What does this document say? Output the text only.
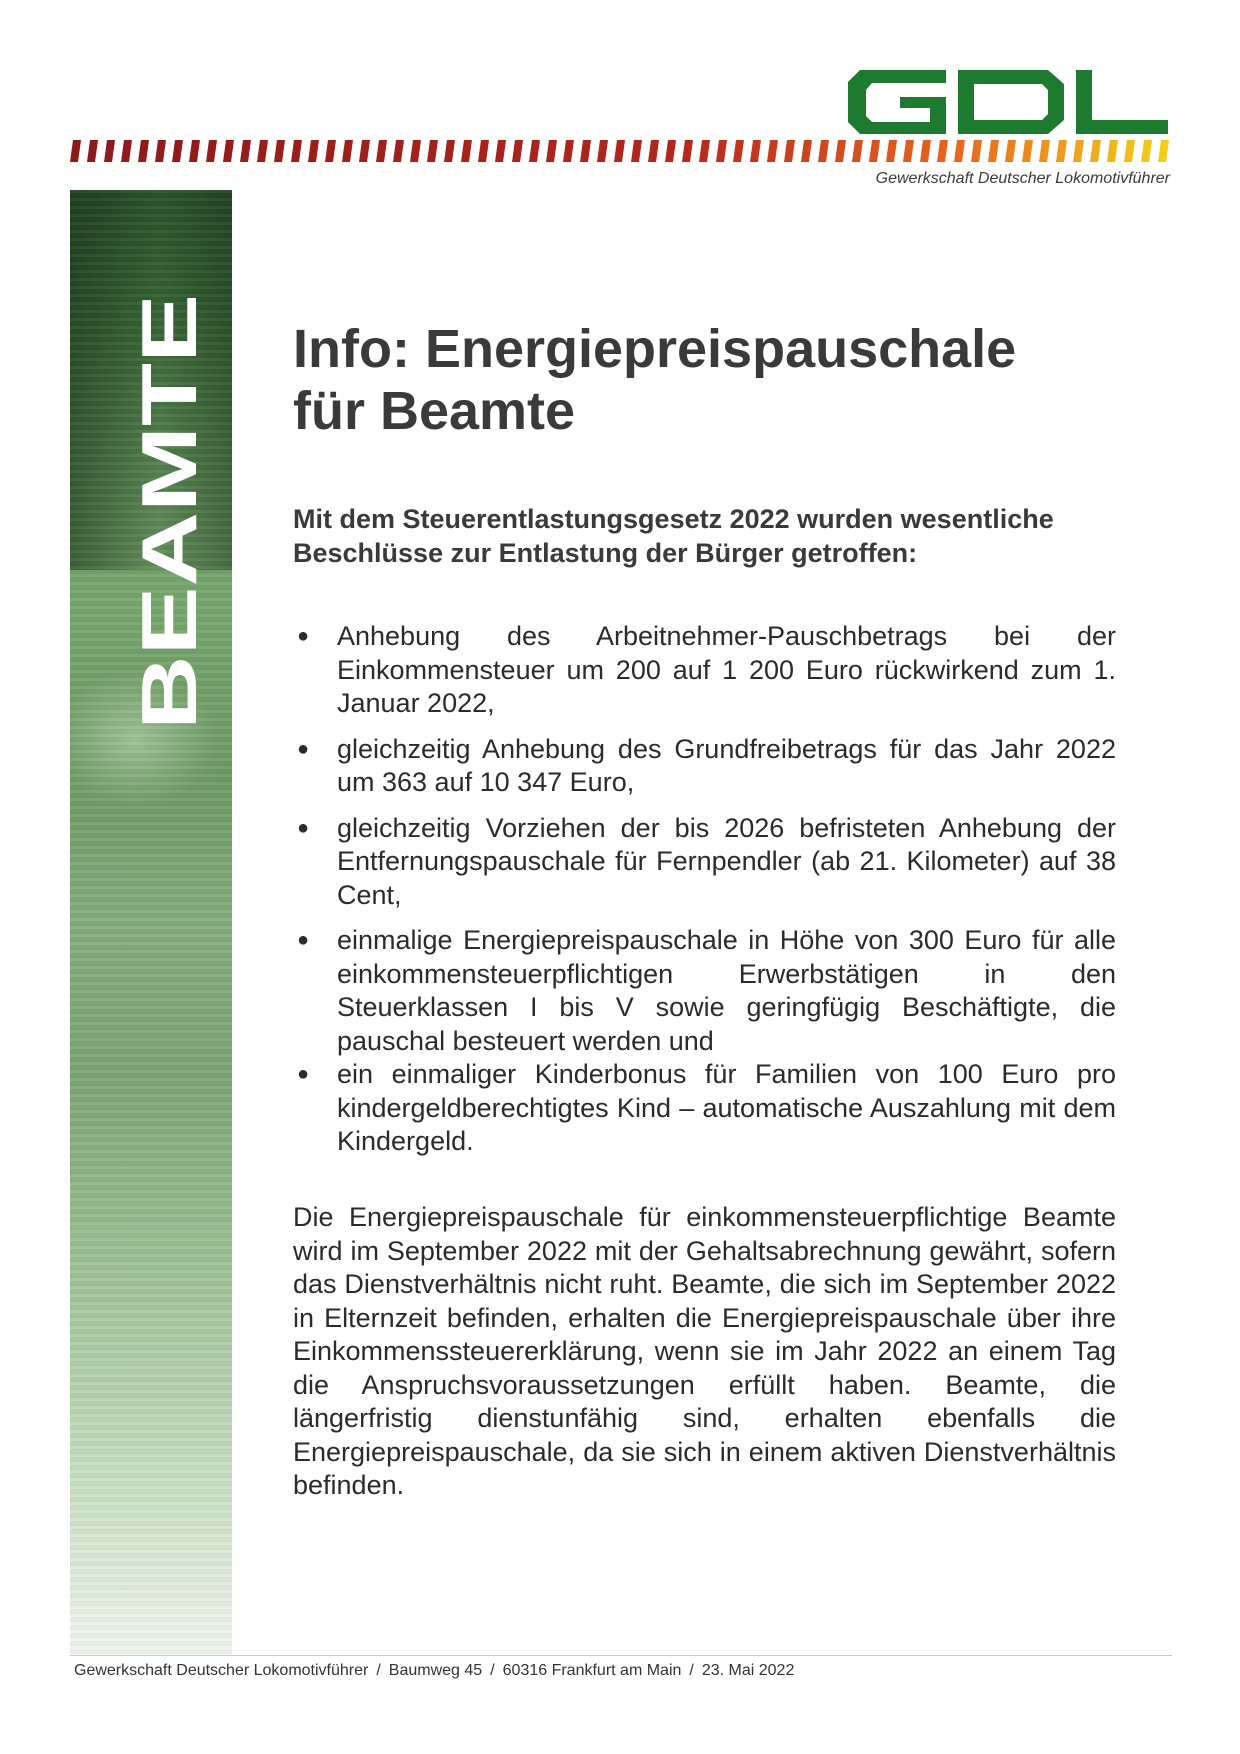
Gewerkschaft Deutscher Lokomotivführer
BEAMTE
Info: Energiepreispauschale
für Beamte

Mit dem Steuerentlastungsgesetz 2022 wurden wesentliche
Beschlüsse zur Entlastung der Bürger getroffen:

● Anhebung des Arbeitnehmer-Pauschbetrags bei der Einkommensteuer um 200 auf 1 200 Euro rückwirkend zum 1. Januar 2022,
● gleichzeitig Anhebung des Grundfreibetrags für das Jahr 2022 um 363 auf 10 347 Euro,
● gleichzeitig Vorziehen der bis 2026 befristeten Anhebung der Entfernungspauschale für Fernpendler (ab 21. Kilometer) auf 38 Cent,
● einmalige Energiepreispauschale in Höhe von 300 Euro für alle einkommensteuerpflichtigen Erwerbstätigen in den Steuerklassen I bis V sowie geringfügig Beschäftigte, die pauschal besteuert werden und
● ein einmaliger Kinderbonus für Familien von 100 Euro pro kindergeldberechtigtes Kind – automatische Auszahlung mit dem Kindergeld.

Die Energiepreispauschale für einkommensteuerpflichtige Beamte wird im September 2022 mit der Gehaltsabrechnung gewährt, sofern das Dienstverhältnis nicht ruht. Beamte, die sich im September 2022 in Elternzeit befinden, erhalten die Energiepreispauschale über ihre Einkommenssteuererklärung, wenn sie im Jahr 2022 an einem Tag die Anspruchsvoraussetzungen erfüllt haben. Beamte, die längerfristig dienstunfähig sind, erhalten ebenfalls die Energiepreispauschale, da sie sich in einem aktiven Dienstverhältnis befinden.

Gewerkschaft Deutscher Lokomotivführer / Baumweg 45 / 60316 Frankfurt am Main / 23. Mai 2022
